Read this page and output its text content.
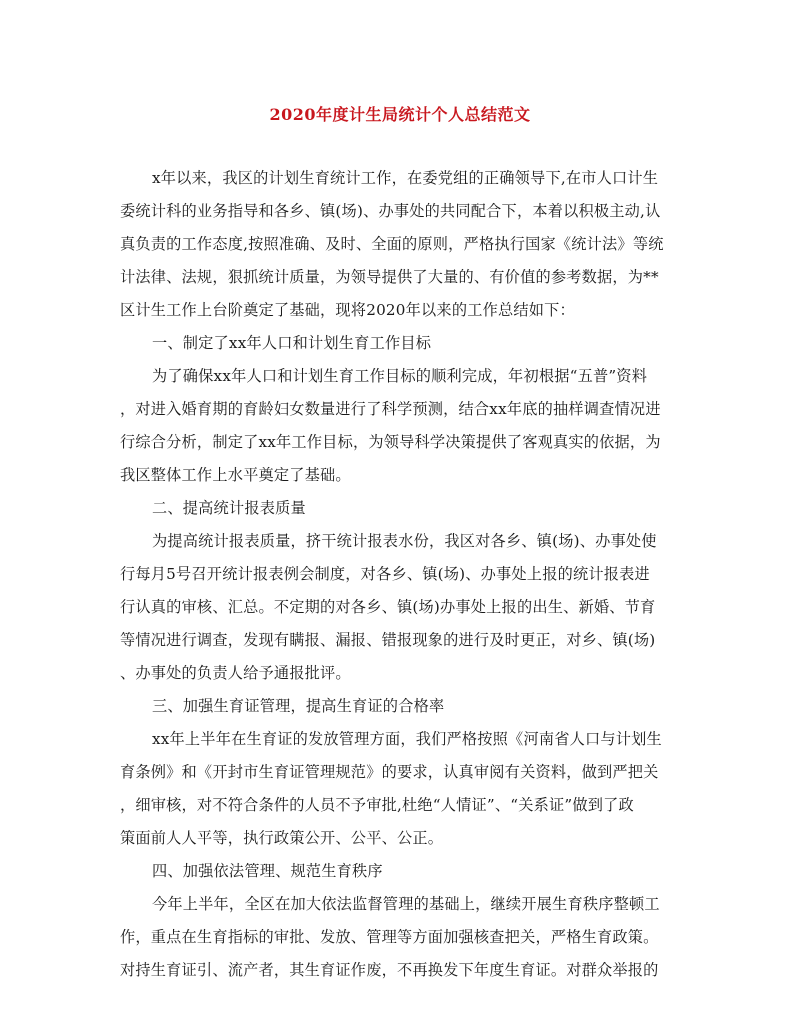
2020年度计生局统计个人总结范文
x年以来，我区的计划生育统计工作，在委党组的正确领导下,在市人口计生
委统计科的业务指导和各乡、镇(场)、办事处的共同配合下，本着以积极主动,认
真负责的工作态度,按照准确、及时、全面的原则，严格执行国家《统计法》等统
计法律、法规，狠抓统计质量，为领导提供了大量的、有价值的参考数据，为**
区计生工作上台阶奠定了基础，现将2020年以来的工作总结如下：
一、制定了xx年人口和计划生育工作目标
为了确保xx年人口和计划生育工作目标的顺利完成，年初根据“五普”资料
，对进入婚育期的育龄妇女数量进行了科学预测，结合xx年底的抽样调查情况进
行综合分析，制定了xx年工作目标，为领导科学决策提供了客观真实的依据，为
我区整体工作上水平奠定了基础。
二、提高统计报表质量
为提高统计报表质量，挤干统计报表水份，我区对各乡、镇(场)、办事处使
行每月5号召开统计报表例会制度，对各乡、镇(场)、办事处上报的统计报表进
行认真的审核、汇总。不定期的对各乡、镇(场)办事处上报的出生、新婚、节育
等情况进行调查，发现有瞒报、漏报、错报现象的进行及时更正，对乡、镇(场)
、办事处的负责人给予通报批评。
三、加强生育证管理，提高生育证的合格率
xx年上半年在生育证的发放管理方面，我们严格按照《河南省人口与计划生
育条例》和《开封市生育证管理规范》的要求，认真审阅有关资料，做到严把关
，细审核，对不符合条件的人员不予审批,杜绝“人情证”、“关系证”做到了政
策面前人人平等，执行政策公开、公平、公正。
四、加强依法管理、规范生育秩序
今年上半年，全区在加大依法监督管理的基础上，继续开展生育秩序整顿工
作，重点在生育指标的审批、发放、管理等方面加强核查把关，严格生育政策。
对持生育证引、流产者，其生育证作废，不再换发下年度生育证。对群众举报的
